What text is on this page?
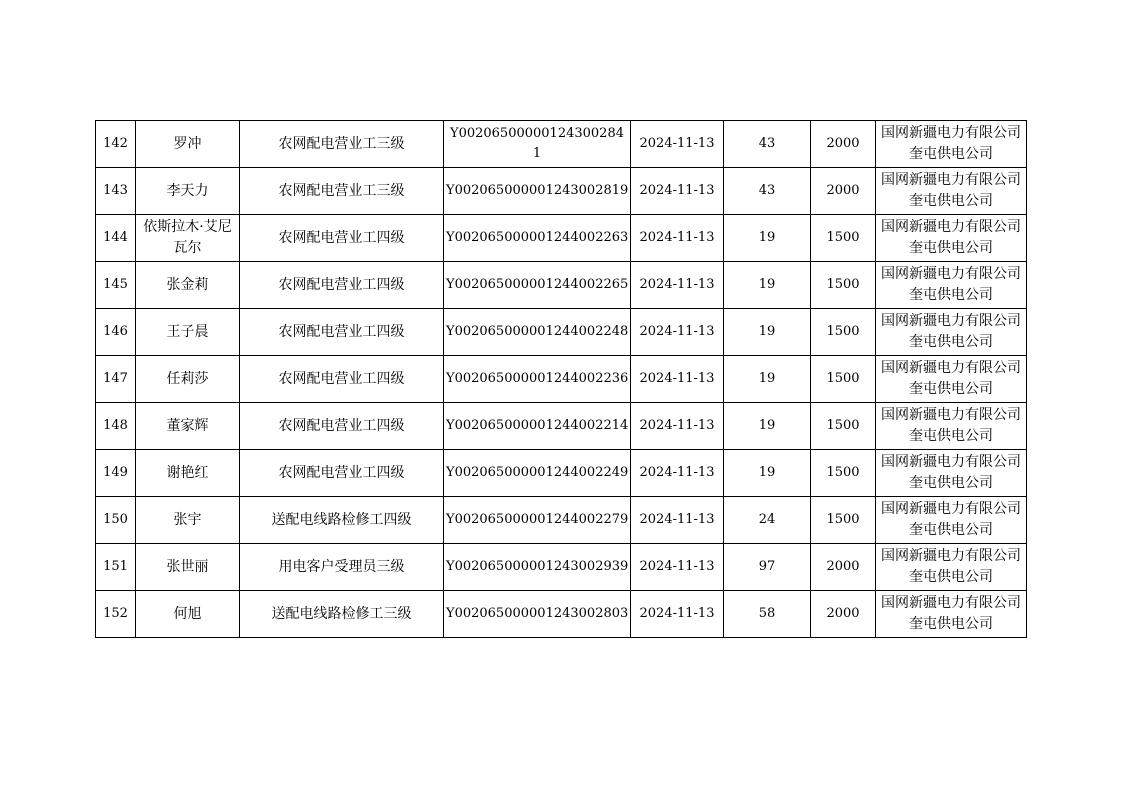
142	罗冲	农网配电营业工三级	Y00206500000124300284​1	2024-11-13	43	2000	国网新疆电力有限公司奎屯供电公司
143	李天力	农网配电营业工三级	Y002065000001243002819	2024-11-13	43	2000	国网新疆电力有限公司奎屯供电公司
144	依斯拉木·艾尼瓦尔	农网配电营业工四级	Y002065000001244002263	2024-11-13	19	1500	国网新疆电力有限公司奎屯供电公司
145	张金莉	农网配电营业工四级	Y002065000001244002265	2024-11-13	19	1500	国网新疆电力有限公司奎屯供电公司
146	王子晨	农网配电营业工四级	Y002065000001244002248	2024-11-13	19	1500	国网新疆电力有限公司奎屯供电公司
147	任莉莎	农网配电营业工四级	Y002065000001244002236	2024-11-13	19	1500	国网新疆电力有限公司奎屯供电公司
148	董家辉	农网配电营业工四级	Y002065000001244002214	2024-11-13	19	1500	国网新疆电力有限公司奎屯供电公司
149	谢艳红	农网配电营业工四级	Y002065000001244002249	2024-11-13	19	1500	国网新疆电力有限公司奎屯供电公司
150	张宇	送配电线路检修工四级	Y002065000001244002279	2024-11-13	24	1500	国网新疆电力有限公司奎屯供电公司
151	张世丽	用电客户受理员三级	Y002065000001243002939	2024-11-13	97	2000	国网新疆电力有限公司奎屯供电公司
152	何旭	送配电线路检修工三级	Y002065000001243002803	2024-11-13	58	2000	国网新疆电力有限公司奎屯供电公司
